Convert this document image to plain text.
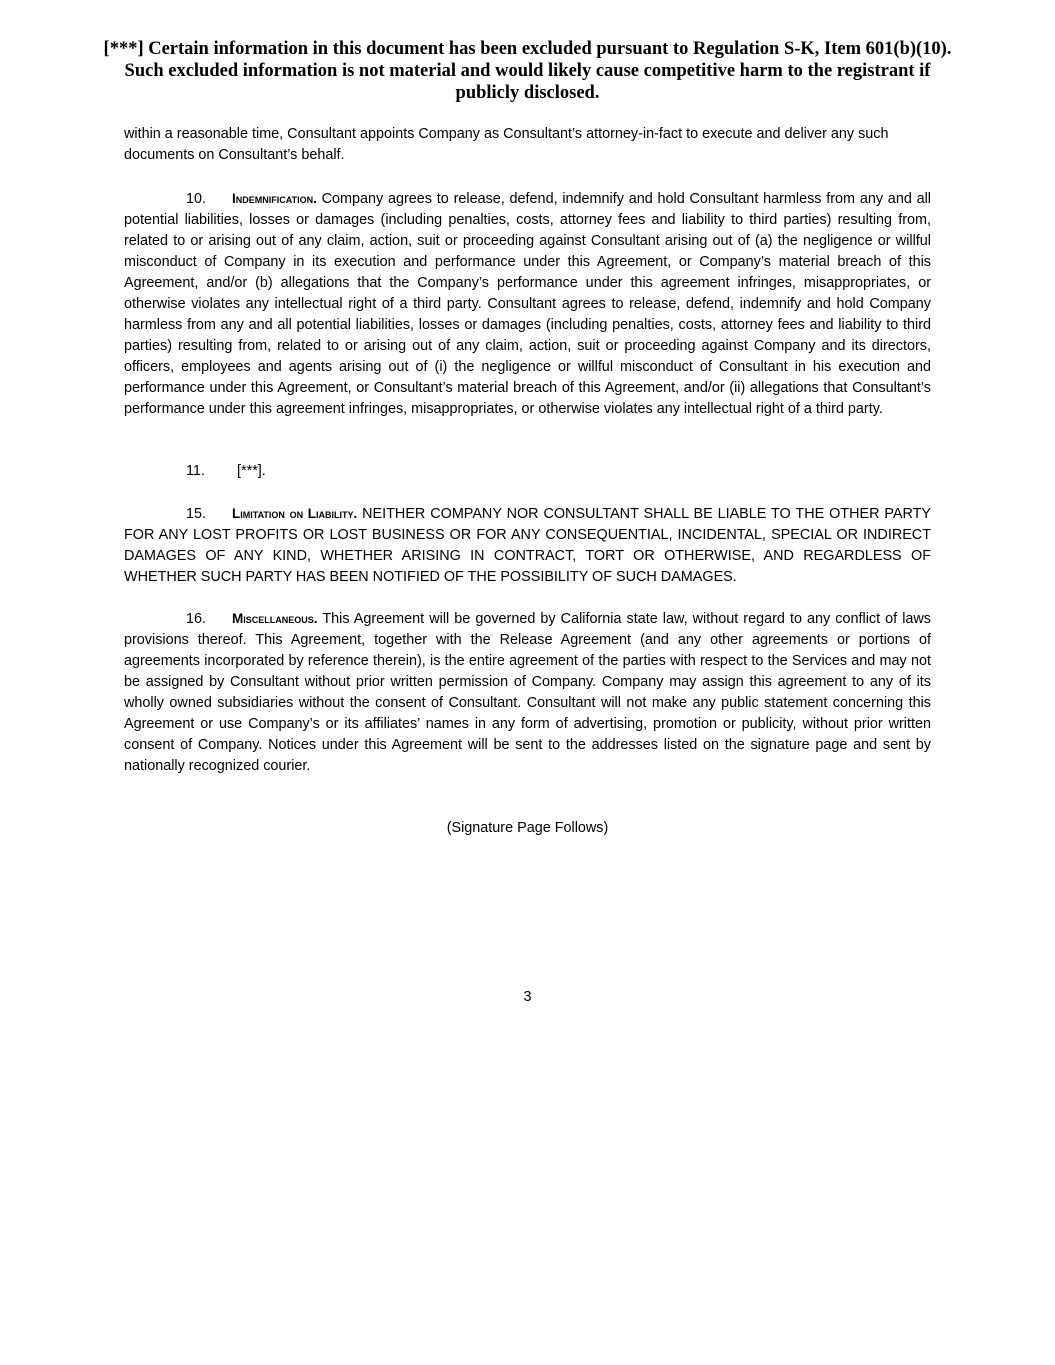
[***] Certain information in this document has been excluded pursuant to Regulation S-K, Item 601(b)(10). Such excluded information is not material and would likely cause competitive harm to the registrant if publicly disclosed.
within a reasonable time, Consultant appoints Company as Consultant’s attorney-in-fact to execute and deliver any such documents on Consultant’s behalf.
10. Indemnification. Company agrees to release, defend, indemnify and hold Consultant harmless from any and all potential liabilities, losses or damages (including penalties, costs, attorney fees and liability to third parties) resulting from, related to or arising out of any claim, action, suit or proceeding against Consultant arising out of (a) the negligence or willful misconduct of Company in its execution and performance under this Agreement, or Company’s material breach of this Agreement, and/or (b) allegations that the Company’s performance under this agreement infringes, misappropriates, or otherwise violates any intellectual right of a third party. Consultant agrees to release, defend, indemnify and hold Company harmless from any and all potential liabilities, losses or damages (including penalties, costs, attorney fees and liability to third parties) resulting from, related to or arising out of any claim, action, suit or proceeding against Company and its directors, officers, employees and agents arising out of (i) the negligence or willful misconduct of Consultant in his execution and performance under this Agreement, or Consultant’s material breach of this Agreement, and/or (ii) allegations that Consultant’s performance under this agreement infringes, misappropriates, or otherwise violates any intellectual right of a third party.
11. [***].
15. Limitation on Liability. NEITHER COMPANY NOR CONSULTANT SHALL BE LIABLE TO THE OTHER PARTY FOR ANY LOST PROFITS OR LOST BUSINESS OR FOR ANY CONSEQUENTIAL, INCIDENTAL, SPECIAL OR INDIRECT DAMAGES OF ANY KIND, WHETHER ARISING IN CONTRACT, TORT OR OTHERWISE, AND REGARDLESS OF WHETHER SUCH PARTY HAS BEEN NOTIFIED OF THE POSSIBILITY OF SUCH DAMAGES.
16. Miscellaneous. This Agreement will be governed by California state law, without regard to any conflict of laws provisions thereof. This Agreement, together with the Release Agreement (and any other agreements or portions of agreements incorporated by reference therein), is the entire agreement of the parties with respect to the Services and may not be assigned by Consultant without prior written permission of Company. Company may assign this agreement to any of its wholly owned subsidiaries without the consent of Consultant. Consultant will not make any public statement concerning this Agreement or use Company’s or its affiliates’ names in any form of advertising, promotion or publicity, without prior written consent of Company. Notices under this Agreement will be sent to the addresses listed on the signature page and sent by nationally recognized courier.
(Signature Page Follows)
3
